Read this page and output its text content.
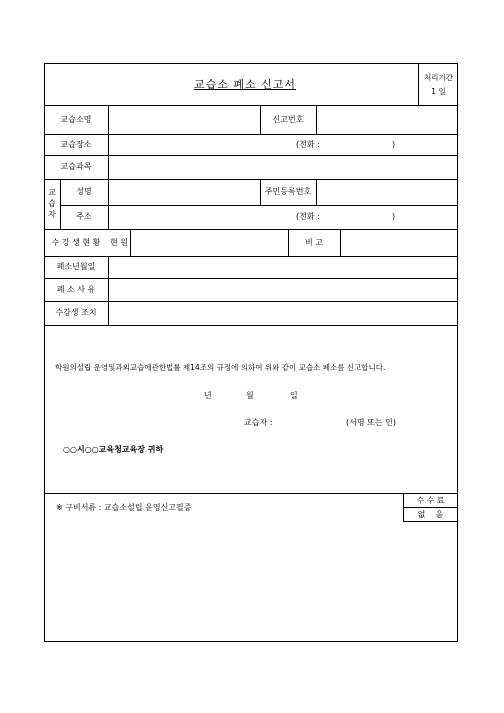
교습소 폐소 신고서
처리기간
1 일
교습소명	신고번호
교습장소	(전화 :	)
교습과목
교
습
자
성명	주민등록번호
주소	(전화 :	)
수 강 생 현 황	현 원	비 고
폐소년월일
폐 소 사 유
수강생 조치
학원의설립 운영및과외교습에관한법률 제14조의 규정에 의하여 위와 같이 교습소 폐소를 신고합니다.
년	월	일
교습자 :	(서명 또는 인)
○○시○○교육청교육장 귀하
※ 구비서류 : 교습소설립 운영신고필증
수 수 료
없    음
